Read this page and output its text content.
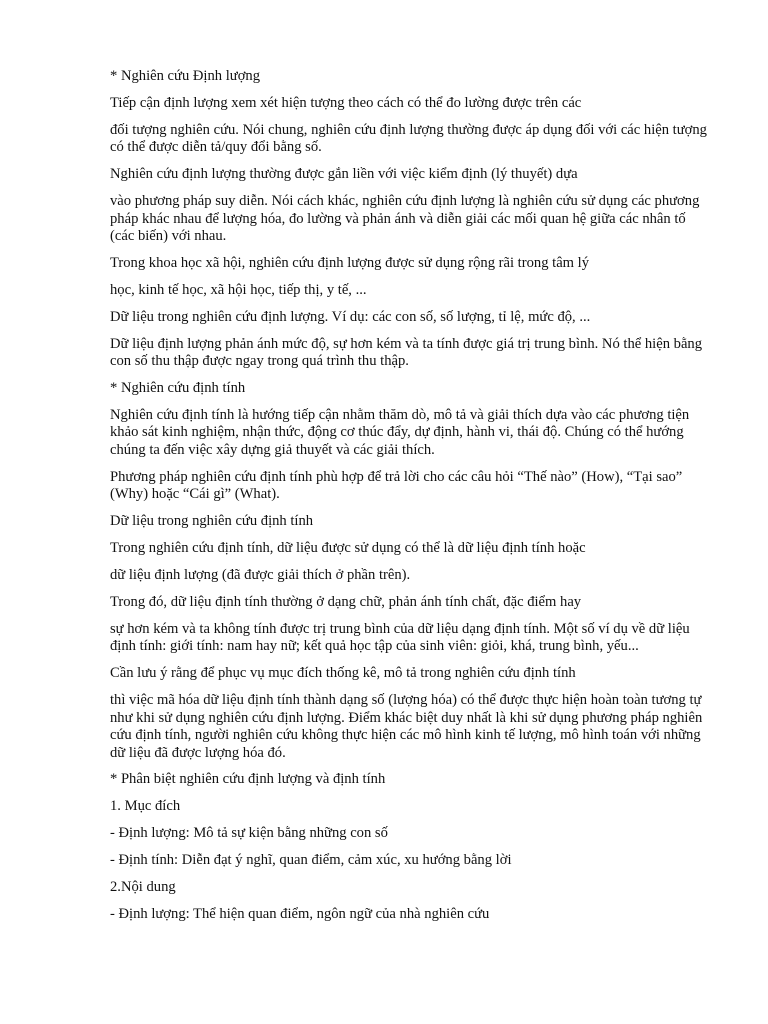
* Nghiên cứu Định lượng

Tiếp cận định lượng xem xét hiện tượng theo cách có thể đo lường được trên các

đối tượng nghiên cứu. Nói chung, nghiên cứu định lượng thường được áp dụng đối với các hiện tượng có thể được diễn tả/quy đổi bằng số.

Nghiên cứu định lượng thường được gắn liền với việc kiểm định (lý thuyết) dựa

vào phương pháp suy diễn. Nói cách khác, nghiên cứu định lượng là nghiên cứu sử dụng các phương pháp khác nhau để lượng hóa, đo lường và phản ánh và diễn giải các mối quan hệ giữa các nhân tố (các biến) với nhau.

Trong khoa học xã hội, nghiên cứu định lượng được sử dụng rộng rãi trong tâm lý

học, kinh tế học, xã hội học, tiếp thị, y tế, ...

Dữ liệu trong nghiên cứu định lượng. Ví dụ: các con số, số lượng, tỉ lệ, mức độ, ...

Dữ liệu định lượng phản ánh mức độ, sự hơn kém và ta tính được giá trị trung bình. Nó thể hiện bằng con số thu thập được ngay trong quá trình thu thập.

* Nghiên cứu định tính

Nghiên cứu định tính là hướng tiếp cận nhằm thăm dò, mô tả và giải thích dựa vào các phương tiện khảo sát kinh nghiệm, nhận thức, động cơ thúc đẩy, dự định, hành vi, thái độ. Chúng có thể hướng chúng ta đến việc xây dựng giả thuyết và các giải thích.

Phương pháp nghiên cứu định tính phù hợp để trả lời cho các câu hỏi “Thế nào” (How), “Tại sao” (Why) hoặc “Cái gì” (What).

Dữ liệu trong nghiên cứu định tính

Trong nghiên cứu định tính, dữ liệu được sử dụng có thể là dữ liệu định tính hoặc

dữ liệu định lượng (đã được giải thích ở phần trên).

Trong đó, dữ liệu định tính thường ở dạng chữ, phản ánh tính chất, đặc điểm hay

sự hơn kém và ta không tính được trị trung bình của dữ liệu dạng định tính. Một số ví dụ về dữ liệu định tính: giới tính: nam hay nữ; kết quả học tập của sinh viên: giỏi, khá, trung bình, yếu...

Cần lưu ý rằng để phục vụ mục đích thống kê, mô tả trong nghiên cứu định tính

thì việc mã hóa dữ liệu định tính thành dạng số (lượng hóa) có thể được thực hiện hoàn toàn tương tự như khi sử dụng nghiên cứu định lượng. Điểm khác biệt duy nhất là khi sử dụng phương pháp nghiên cứu định tính, người nghiên cứu không thực hiện các mô hình kinh tế lượng, mô hình toán với những dữ liệu đã được lượng hóa đó.

* Phân biệt nghiên cứu định lượng và định tính

1. Mục đích

- Định lượng: Mô tả sự kiện bằng những con số

- Định tính: Diễn đạt ý nghĩ, quan điểm, cảm xúc, xu hướng bằng lời

2.Nội dung

- Định lượng: Thể hiện quan điểm, ngôn ngữ của nhà nghiên cứu
